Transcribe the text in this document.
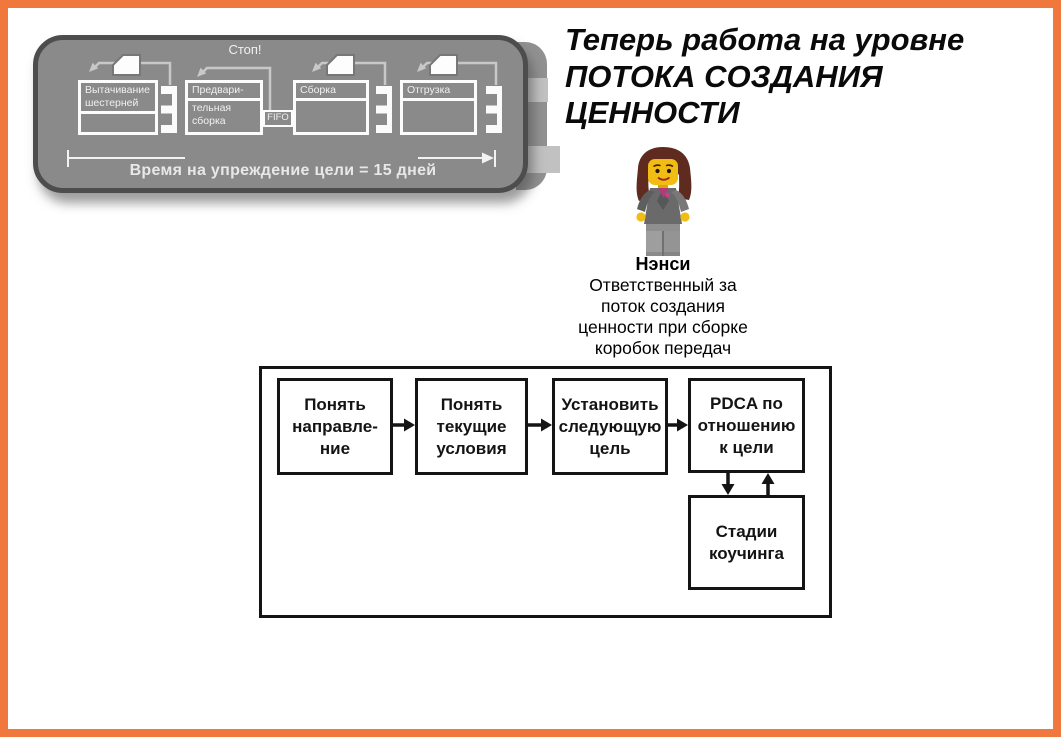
Стоп!
Вытачивание
шестерней
Предвари-
тельная
сборка
Сборка	Отгрузка
FIFO
Время на упреждение цели = 15 дней
Теперь работа на уровне
ПОТОКА СОЗДАНИЯ
ЦЕННОСТИ
Нэнси
Ответственный за
поток создания
ценности при сборке
коробок передач
Понять
направле-
ние
Понять
текущие
условия
Установить
следующую
цель
PDCA по
отношению
к цели
Стадии
коучинга
